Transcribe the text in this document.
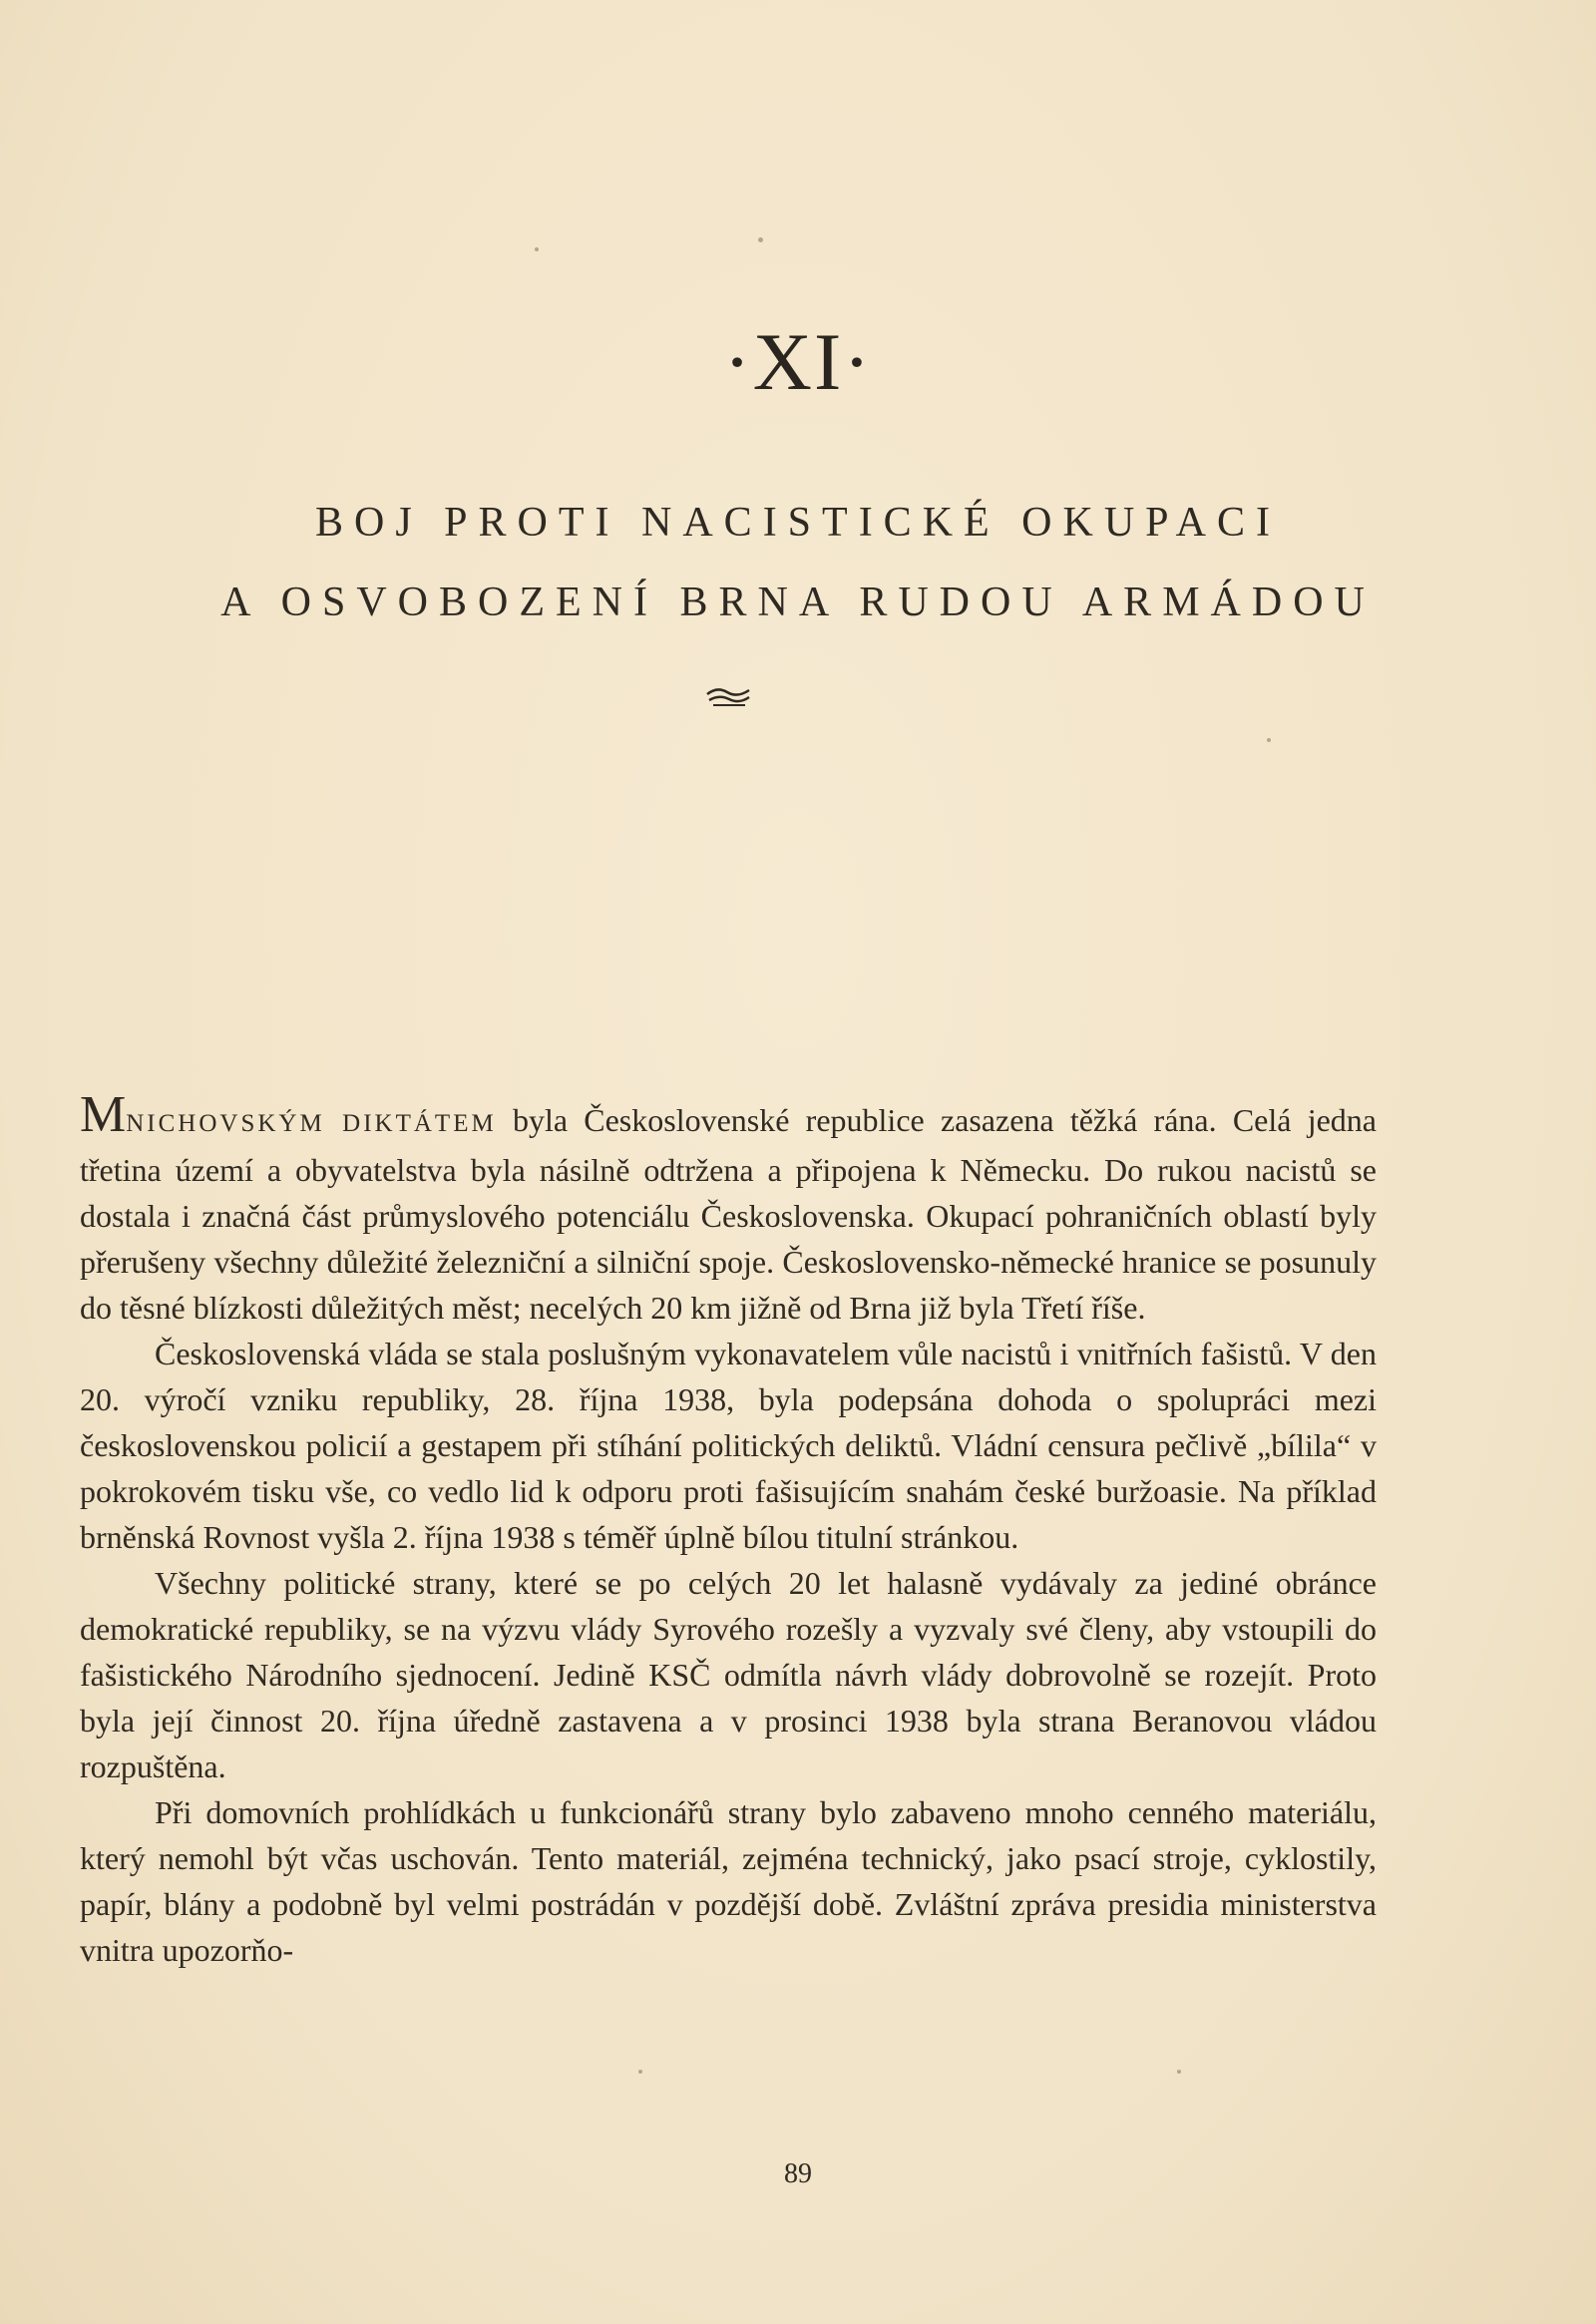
·XI·
BOJ PROTI NACISTICKÉ OKUPACI
A OSVOBOZENÍ BRNA RUDOU ARMÁDOU

MNICHOVSKÝM DIKTÁTEM byla Československé republice zasazena těžká rána. Celá jedna třetina území a obyvatelstva byla násilně odtržena a připojena k Německu. Do rukou nacistů se dostala i značná část průmyslového potenciálu Československa. Okupací pohraničních oblastí byly přerušeny všechny důležité železniční a silniční spoje. Československo-německé hranice se posunuly do těsné blízkosti důležitých měst; necelých 20 km jižně od Brna již byla Třetí říše.

Československá vláda se stala poslušným vykonavatelem vůle nacistů i vnitřních fašistů. V den 20. výročí vzniku republiky, 28. října 1938, byla podepsána dohoda o spolupráci mezi československou policií a gestapem při stíhání politických deliktů. Vládní censura pečlivě „bílila“ v pokrokovém tisku vše, co vedlo lid k odporu proti fašisujícím snahám české buržoasie. Na příklad brněnská Rovnost vyšla 2. října 1938 s téměř úplně bílou titulní stránkou.

Všechny politické strany, které se po celých 20 let halasně vydávaly za jediné obránce demokratické republiky, se na výzvu vlády Syrového rozešly a vyzvaly své členy, aby vstoupili do fašistického Národního sjednocení. Jedině KSČ odmítla návrh vlády dobrovolně se rozejít. Proto byla její činnost 20. října úředně zastavena a v prosinci 1938 byla strana Beranovou vládou rozpuštěna.

Při domovních prohlídkách u funkcionářů strany bylo zabaveno mnoho cenného materiálu, který nemohl být včas uschován. Tento materiál, zejména technický, jako psací stroje, cyklostily, papír, blány a podobně byl velmi postrádán v pozdější době. Zvláštní zpráva presidia ministerstva vnitra upozorňo-

89
